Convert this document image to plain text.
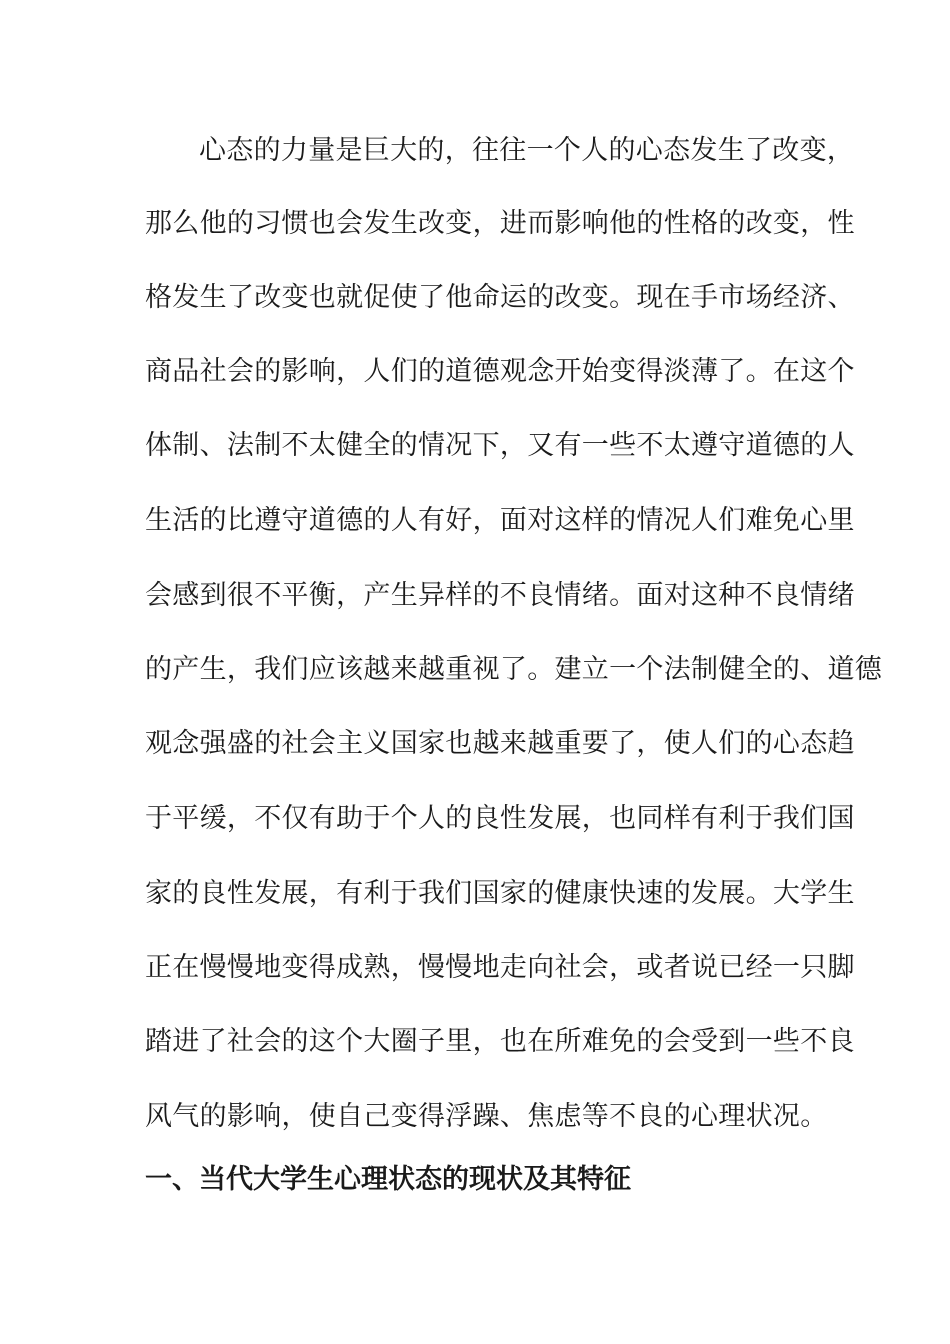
心态的力量是巨大的，往往一个人的心态发生了改变，
那么他的习惯也会发生改变，进而影响他的性格的改变，性
格发生了改变也就促使了他命运的改变。现在手市场经济、
商品社会的影响，人们的道德观念开始变得淡薄了。在这个
体制、法制不太健全的情况下，又有一些不太遵守道德的人
生活的比遵守道德的人有好，面对这样的情况人们难免心里
会感到很不平衡，产生异样的不良情绪。面对这种不良情绪
的产生，我们应该越来越重视了。建立一个法制健全的、道德
观念强盛的社会主义国家也越来越重要了，使人们的心态趋
于平缓，不仅有助于个人的良性发展，也同样有利于我们国
家的良性发展，有利于我们国家的健康快速的发展。大学生
正在慢慢地变得成熟，慢慢地走向社会，或者说已经一只脚
踏进了社会的这个大圈子里，也在所难免的会受到一些不良
风气的影响，使自己变得浮躁、焦虑等不良的心理状况。
一、当代大学生心理状态的现状及其特征
